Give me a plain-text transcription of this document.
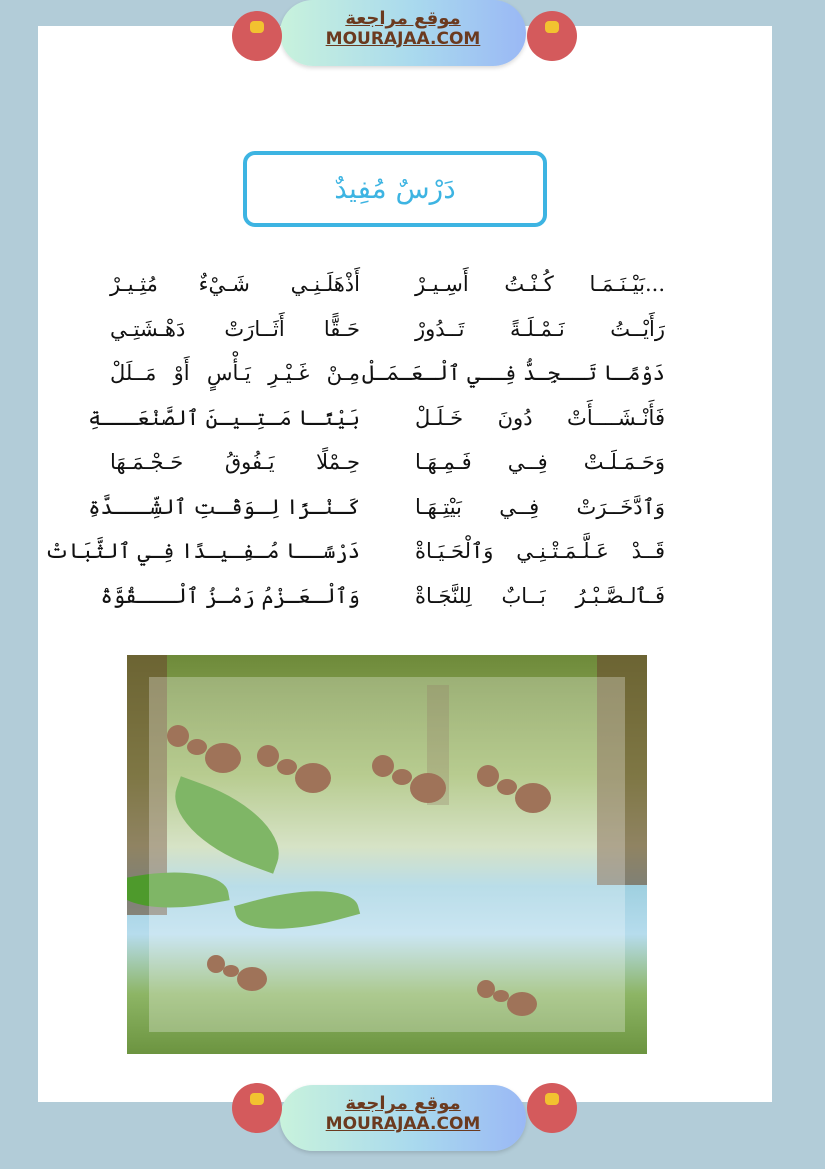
موقع مراجعة
MOURAJAA.COM
دَرْسٌ مُفِيدٌ
...بَيْـنَـمَـا كُـنْـتُ أَسِـيـرْ
أَذْهَلَـنِـي شَـيْءٌ مُثِـيـرْ
رَأَيْــتُ نَـمْـلَـةً تَــدُورْ
حَـقًّا أَثَــارَتْ دَهْـشَتِـي
دَوْمًـا تَــجِـدُّ فِــي ٱلْـعَـمَـلْ
مِـنْ غَـيْـرِ يَـأْسٍ أَوْ مَــلَلْ
فَأَنْـشَــــأَتْ دُونَ خَـلَـلْ
بَيْتًـا مَـتِـيـنَ ٱلصَّنْعَـــةِ
وَحَـمَـلَـتْ فِــي فَـمِـهَـا
حِـمْلًا يَـفُوقُ حَـجْـمَـهَا
وَٱدَّخَــرَتْ فِــي بَيْتِـهَـا
كَـنْـزًا لِـوَقْـتِ ٱلشِّـــدَّةِ
قَــدْ عَـلَّـمَـتْـنِـي وَٱلْحَـيَـاةْ
دَرْسًــا مُـفِـيـدًا فِـي ٱلثَّبَاتْ
فَـٱلـصَّـبْـرُ بَــابٌ لِلنَّجَـاةْ
وَٱلْـعَـزْمُ رَمْـزُ ٱلْـــقُوَّةْ
موقع مراجعة
MOURAJAA.COM
